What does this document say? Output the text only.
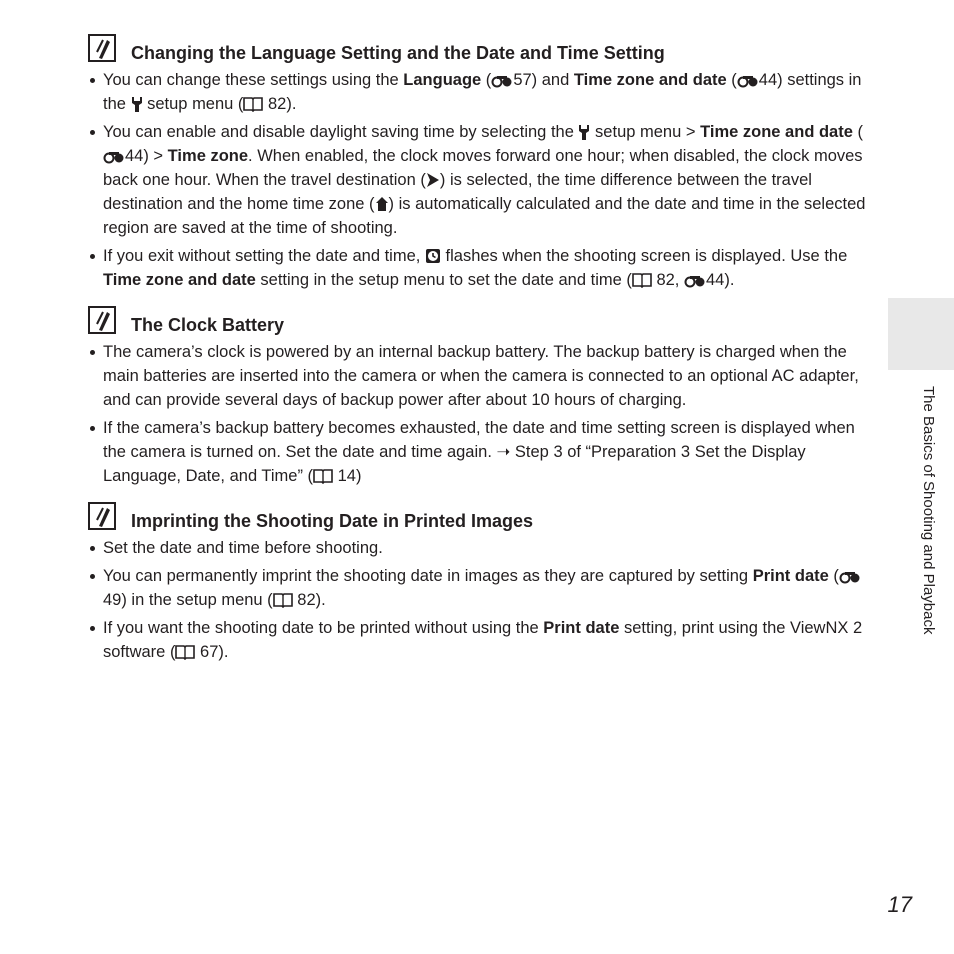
Changing the Language Setting and the Date and Time Setting
You can change these settings using the Language ( 57) and Time zone and date ( 44) settings in the  setup menu ( 82).
You can enable and disable daylight saving time by selecting the  setup menu > Time zone and date (44) > Time zone. When enabled, the clock moves forward one hour; when disabled, the clock moves back one hour. When the travel destination ( ) is selected, the time difference between the travel destination and the home time zone ( ) is automatically calculated and the date and time in the selected region are saved at the time of shooting.
If you exit without setting the date and time,  flashes when the shooting screen is displayed. Use the Time zone and date setting in the setup menu to set the date and time ( 82, 44).
The Clock Battery
The camera’s clock is powered by an internal backup battery. The backup battery is charged when the main batteries are inserted into the camera or when the camera is connected to an optional AC adapter, and can provide several days of backup power after about 10 hours of charging.
If the camera’s backup battery becomes exhausted, the date and time setting screen is displayed when the camera is turned on. Set the date and time again. ➝ Step 3 of “Preparation 3 Set the Display Language, Date, and Time” ( 14)
Imprinting the Shooting Date in Printed Images
Set the date and time before shooting.
You can permanently imprint the shooting date in images as they are captured by setting Print date (49) in the setup menu ( 82).
If you want the shooting date to be printed without using the Print date setting, print using the ViewNX 2 software ( 67).
The Basics of Shooting and Playback
17
